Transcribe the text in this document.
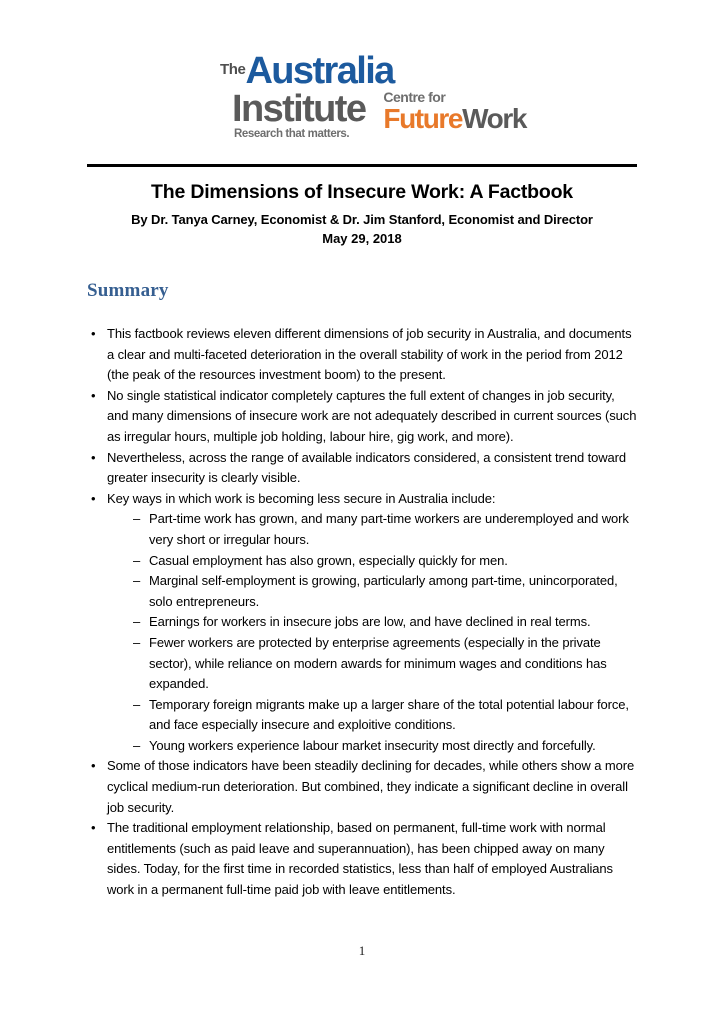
The Australia
Institute
Research that matters.
Centre for
FutureWork
The Dimensions of Insecure Work: A Factbook

By Dr. Tanya Carney, Economist & Dr. Jim Stanford, Economist and Director

May 29, 2018

Summary
• This factbook reviews eleven different dimensions of job security in Australia, and documents a clear and multi-faceted deterioration in the overall stability of work in the period from 2012 (the peak of the resources investment boom) to the present.
• No single statistical indicator completely captures the full extent of changes in job security, and many dimensions of insecure work are not adequately described in current sources (such as irregular hours, multiple job holding, labour hire, gig work, and more).
• Nevertheless, across the range of available indicators considered, a consistent trend toward greater insecurity is clearly visible.
• Key ways in which work is becoming less secure in Australia include:
– Part-time work has grown, and many part-time workers are underemployed and work very short or irregular hours.
– Casual employment has also grown, especially quickly for men.
– Marginal self-employment is growing, particularly among part-time, unincorporated, solo entrepreneurs.
– Earnings for workers in insecure jobs are low, and have declined in real terms.
– Fewer workers are protected by enterprise agreements (especially in the private sector), while reliance on modern awards for minimum wages and conditions has expanded.
– Temporary foreign migrants make up a larger share of the total potential labour force, and face especially insecure and exploitive conditions.
– Young workers experience labour market insecurity most directly and forcefully.
• Some of those indicators have been steadily declining for decades, while others show a more cyclical medium-run deterioration. But combined, they indicate a significant decline in overall job security.
• The traditional employment relationship, based on permanent, full-time work with normal entitlements (such as paid leave and superannuation), has been chipped away on many sides. Today, for the first time in recorded statistics, less than half of employed Australians work in a permanent full-time paid job with leave entitlements.
1
